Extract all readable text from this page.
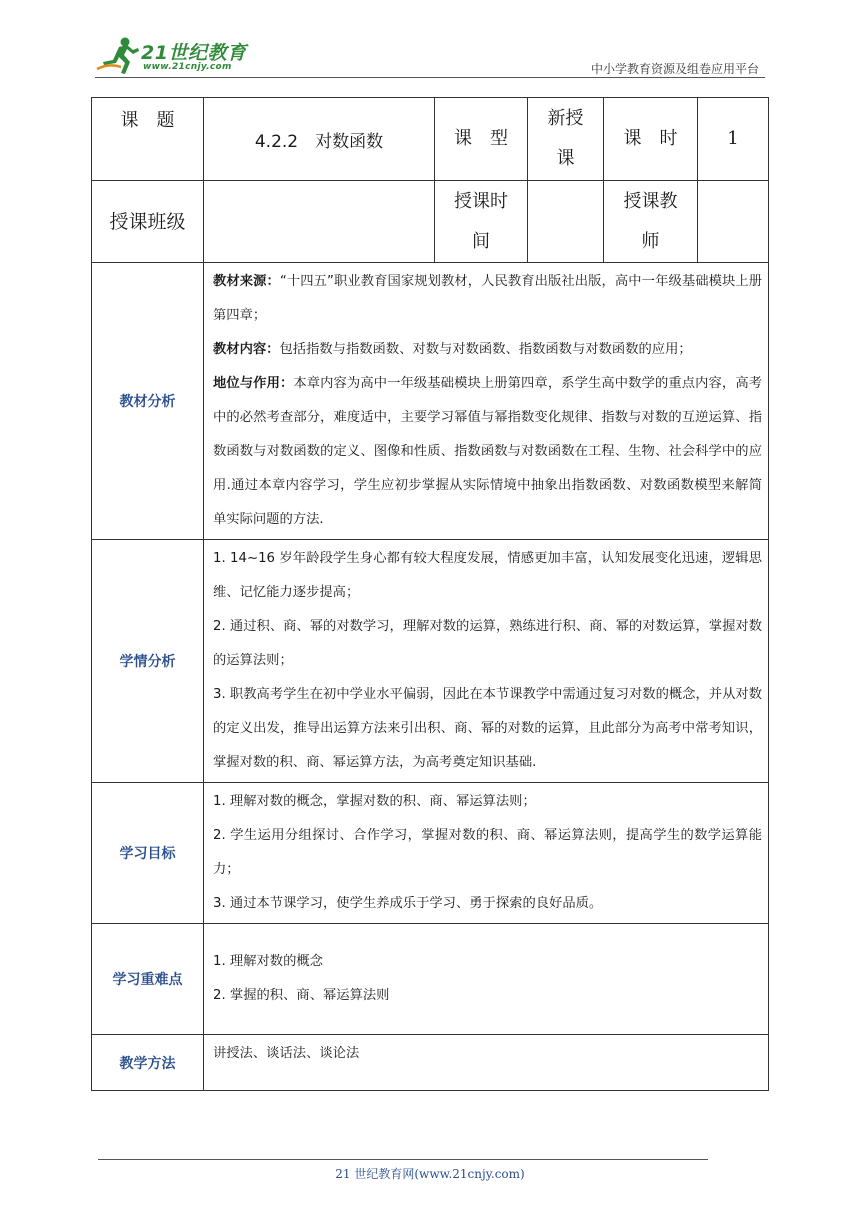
21世纪教育
www.21cnjy.com	中小学教育资源及组卷应用平台
课　题	4.2.2　对数函数	课　型	新授课	课　时	1
授课班级		授课时间		授课教师	
教材分析	教材来源：“十四五”职业教育国家规划教材，人民教育出版社出版，高中一年级基础模块上册第四章；

教材内容：包括指数与指数函数、对数与对数函数、指数函数与对数函数的应用；

地位与作用：本章内容为高中一年级基础模块上册第四章，系学生高中数学的重点内容，高考中的必然考查部分，难度适中，主要学习幂值与幂指数变化规律、指数与对数的互逆运算、指数函数与对数函数的定义、图像和性质、指数函数与对数函数在工程、生物、社会科学中的应用.通过本章内容学习，学生应初步掌握从实际情境中抽象出指数函数、对数函数模型来解简单实际问题的方法.				

学情分析	1. 14~16 岁年龄段学生身心都有较大程度发展，情感更加丰富，认知发展变化迅速，逻辑思维、记忆能力逐步提高；

2. 通过积、商、幂的对数学习，理解对数的运算，熟练进行积、商、幂的对数运算，掌握对数的运算法则；

3. 职教高考学生在初中学业水平偏弱，因此在本节课教学中需通过复习对数的概念，并从对数的定义出发，推导出运算方法来引出积、商、幂的对数的运算，且此部分为高考中常考知识，掌握对数的积、商、幂运算方法，为高考奠定知识基础.				

学习目标	1. 理解对数的概念，掌握对数的积、商、幂运算法则；

2. 学生运用分组探讨、合作学习，掌握对数的积、商、幂运算法则，提高学生的数学运算能力；

3. 通过本节课学习，使学生养成乐于学习、勇于探索的良好品质。				

学习重难点	1. 理解对数的概念

2. 掌握的积、商、幂运算法则				

教学方法	讲授法、谈话法、谈论法				

21 世纪教育网(www.21cnjy.com)
